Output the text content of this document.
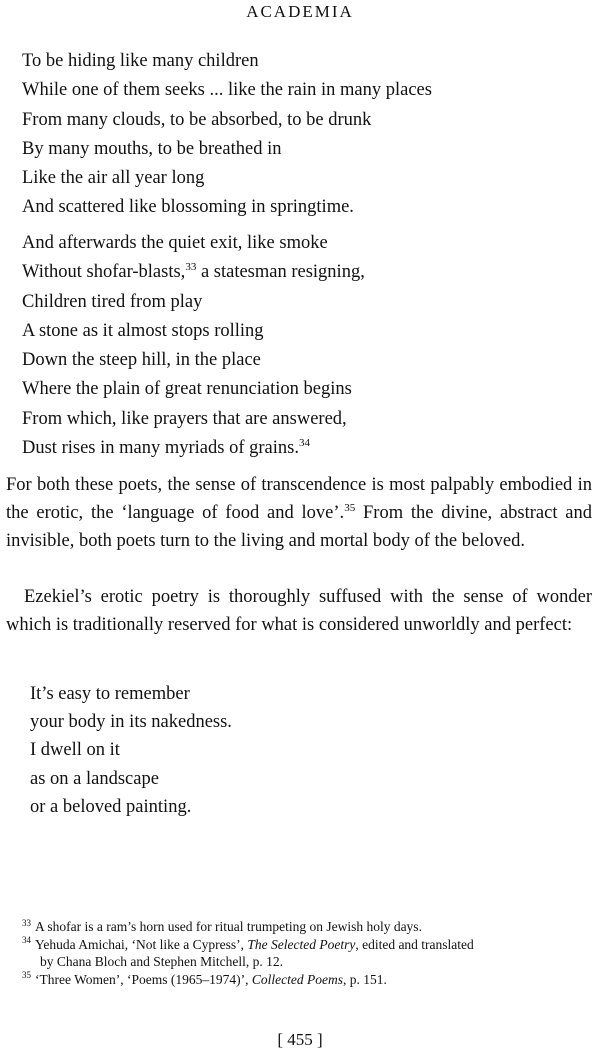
ACADEMIA
To be hiding like many children
While one of them seeks ... like the rain in many places
From many clouds, to be absorbed, to be drunk
By many mouths, to be breathed in
Like the air all year long
And scattered like blossoming in springtime.
And afterwards the quiet exit, like smoke
Without shofar-blasts,$^{33}$ a statesman resigning,
Children tired from play
A stone as it almost stops rolling
Down the steep hill, in the place
Where the plain of great renunciation begins
From which, like prayers that are answered,
Dust rises in many myriads of grains.$^{34}$

For both these poets, the sense of transcendence is most palpably embodied in the erotic, the ‘language of food and love’.$^{35}$ From the divine, abstract and invisible, both poets turn to the living and mortal body of the beloved.

Ezekiel’s erotic poetry is thoroughly suffused with the sense of wonder which is traditionally reserved for what is considered unworldly and perfect:

It’s easy to remember
your body in its nakedness.
I dwell on it
as on a landscape
or a beloved painting.
$^{33}$ A shofar is a ram’s horn used for ritual trumpeting on Jewish holy days.
$^{34}$ Yehuda Amichai, ‘Not like a Cypress’, The Selected Poetry, edited and translated
by Chana Bloch and Stephen Mitchell, p. 12.
$^{35}$ ‘Three Women’, ‘Poems (1965–1974)’, Collected Poems, p. 151.
[ 455 ]
